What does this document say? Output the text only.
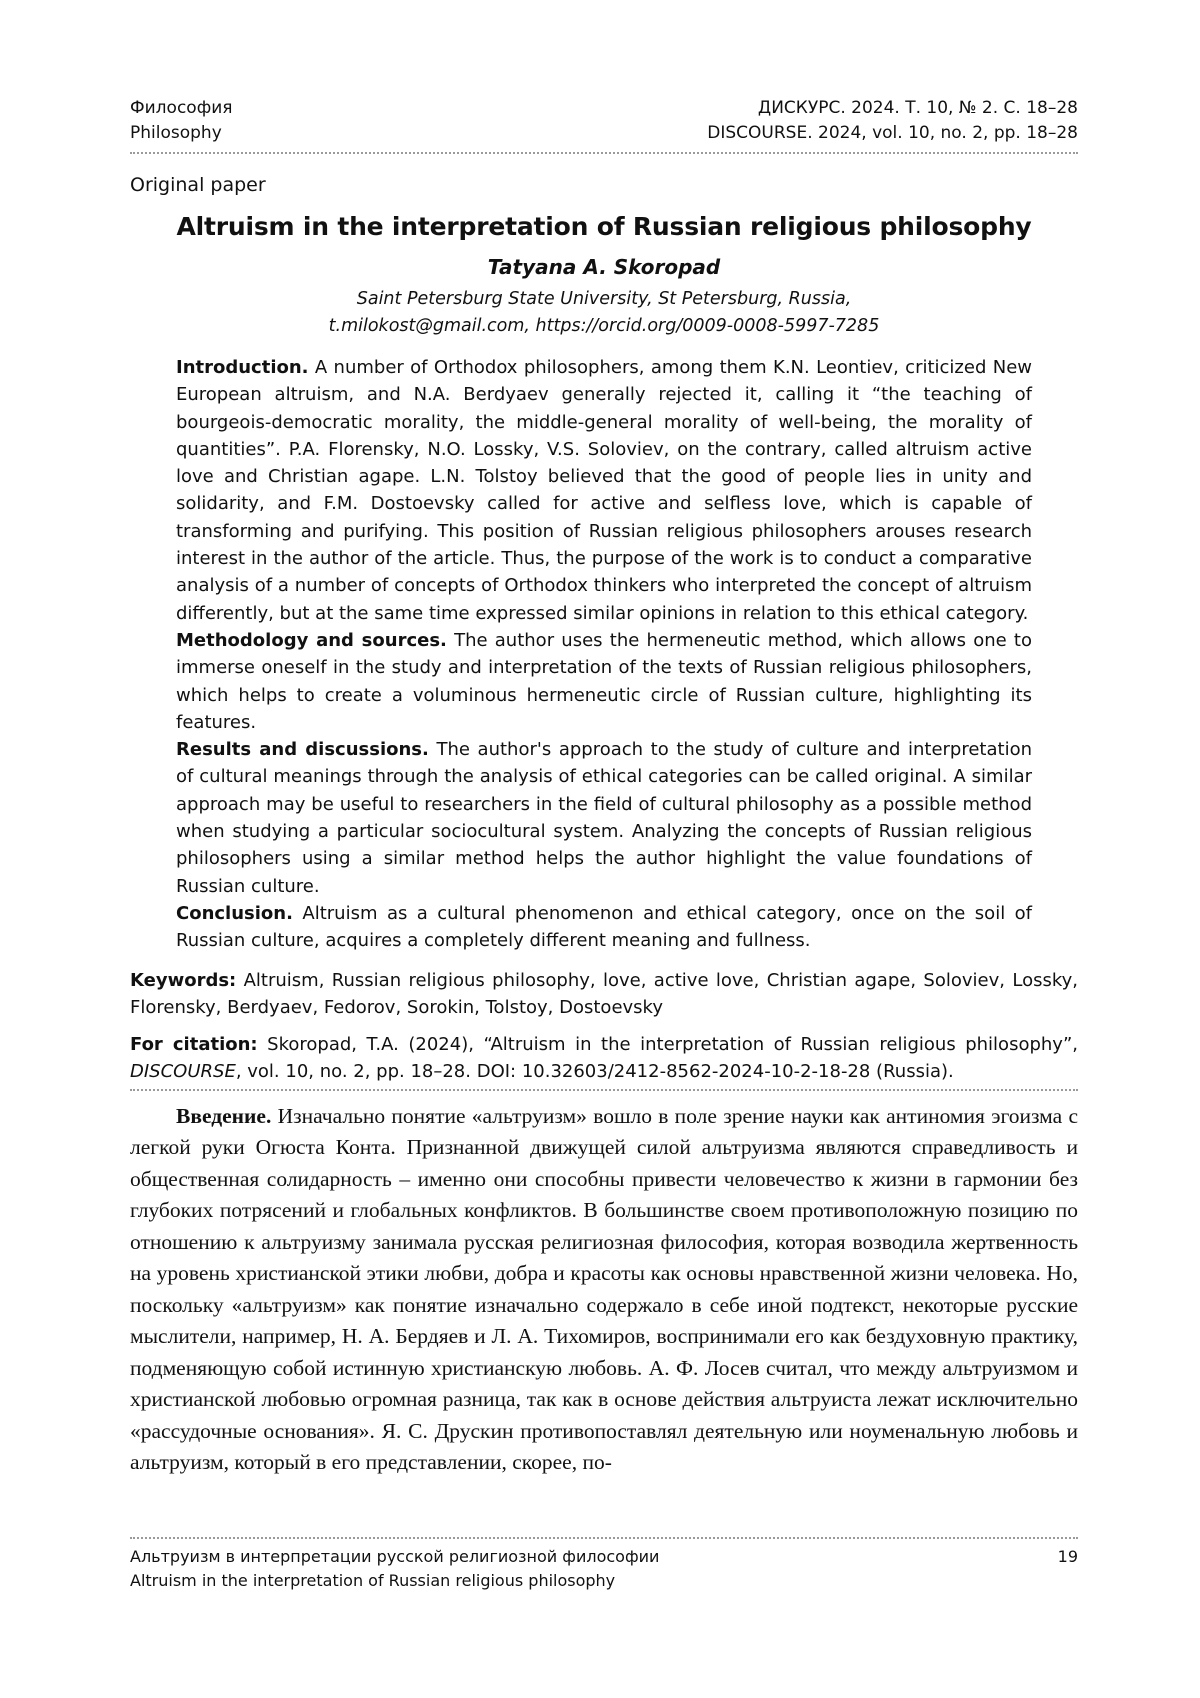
Философия
Philosophy
ДИСКУРС. 2024. Т. 10, № 2. С. 18–28
DISCOURSE. 2024, vol. 10, no. 2, pp. 18–28
Original paper
Altruism in the interpretation of Russian religious philosophy
Tatyana A. Skoropad
Saint Petersburg State University, St Petersburg, Russia,
t.milokost@gmail.com, https://orcid.org/0009-0008-5997-7285

Introduction. A number of Orthodox philosophers, among them K.N. Leontiev, criticized New European altruism, and N.A. Berdyaev generally rejected it, calling it “the teaching of bourgeois-democratic morality, the middle-general morality of well-being, the morality of quantities”. P.A. Florensky, N.O. Lossky, V.S. Soloviev, on the contrary, called altruism active love and Christian agape. L.N. Tolstoy believed that the good of people lies in unity and solidarity, and F.M. Dostoevsky called for active and selfless love, which is capable of transforming and purifying. This position of Russian religious philosophers arouses research interest in the author of the article. Thus, the purpose of the work is to conduct a comparative analysis of a number of concepts of Orthodox thinkers who interpreted the concept of altruism differently, but at the same time expressed similar opinions in relation to this ethical category.

Methodology and sources. The author uses the hermeneutic method, which allows one to immerse oneself in the study and interpretation of the texts of Russian religious philosophers, which helps to create a voluminous hermeneutic circle of Russian culture, highlighting its features.

Results and discussions. The author's approach to the study of culture and interpretation of cultural meanings through the analysis of ethical categories can be called original. A similar approach may be useful to researchers in the field of cultural philosophy as a possible method when studying a particular sociocultural system. Analyzing the concepts of Russian religious philosophers using a similar method helps the author highlight the value foundations of Russian culture.

Conclusion. Altruism as a cultural phenomenon and ethical category, once on the soil of Russian culture, acquires a completely different meaning and fullness.

Keywords: Altruism, Russian religious philosophy, love, active love, Christian agape, Soloviev, Lossky, Florensky, Berdyaev, Fedorov, Sorokin, Tolstoy, Dostoevsky
For citation: Skoropad, T.A. (2024), “Altruism in the interpretation of Russian religious philosophy”, DISCOURSE, vol. 10, no. 2, pp. 18–28. DOI: 10.32603/2412-8562-2024-10-2-18-28 (Russia).
Введение. Изначально понятие «альтруизм» вошло в поле зрение науки как антиномия эгоизма с легкой руки Огюста Конта. Признанной движущей силой альтруизма являются справедливость и общественная солидарность – именно они способны привести человечество к жизни в гармонии без глубоких потрясений и глобальных конфликтов. В большинстве своем противоположную позицию по отношению к альтруизму занимала русская религиозная философия, которая возводила жертвенность на уровень христианской этики любви, добра и красоты как основы нравственной жизни человека. Но, поскольку «альтруизм» как понятие изначально содержало в себе иной подтекст, некоторые русские мыслители, например, Н. А. Бердяев и Л. А. Тихомиров, воспринимали его как бездуховную практику, подменяющую собой истинную христианскую любовь. А. Ф. Лосев считал, что между альтруизмом и христианской любовью огромная разница, так как в основе действия альтруиста лежат исключительно «рассудочные основания». Я. С. Друскин противопоставлял деятельную или ноуменальную любовь и альтруизм, который в его представлении, скорее, по-
Альтруизм в интерпретации русской религиозной философии
Altruism in the interpretation of Russian religious philosophy
19
